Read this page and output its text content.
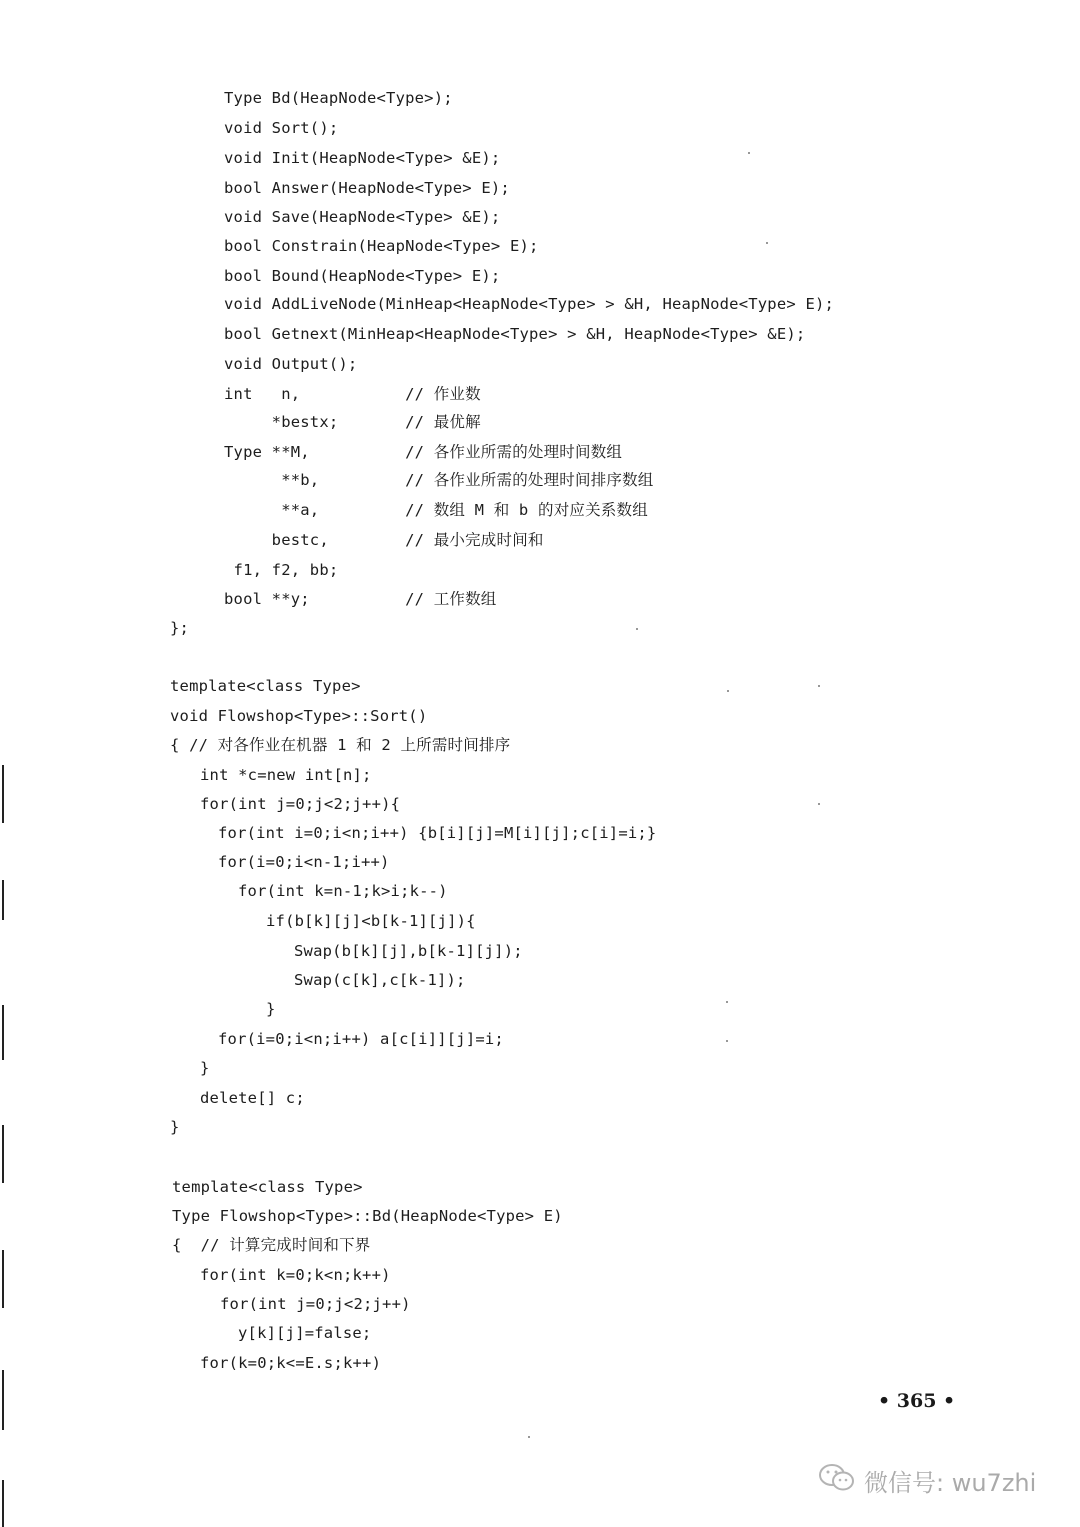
Type Bd(HeapNode<Type>);
void Sort();
void Init(HeapNode<Type> &E);
bool Answer(HeapNode<Type> E);
void Save(HeapNode<Type> &E);
bool Constrain(HeapNode<Type> E);
bool Bound(HeapNode<Type> E);
void AddLiveNode(MinHeap<HeapNode<Type> > &H, HeapNode<Type> E);
bool Getnext(MinHeap<HeapNode<Type> > &H, HeapNode<Type> &E);
void Output();
int   n,           // 作业数
*bestx;       // 最优解
Type **M,          // 各作业所需的处理时间数组
**b,         // 各作业所需的处理时间排序数组
**a,         // 数组 M 和 b 的对应关系数组
bestc,        // 最小完成时间和
f1, f2, bb;
bool **y;          // 工作数组
};
template<class Type>
void Flowshop<Type>::Sort()
{ // 对各作业在机器 1 和 2 上所需时间排序
int *c=new int[n];
for(int j=0;j<2;j++){
for(int i=0;i<n;i++) {b[i][j]=M[i][j];c[i]=i;}
for(i=0;i<n-1;i++)
for(int k=n-1;k>i;k--)
if(b[k][j]<b[k-1][j]){
Swap(b[k][j],b[k-1][j]);
Swap(c[k],c[k-1]);
}
for(i=0;i<n;i++) a[c[i]][j]=i;
}
delete[] c;
}
template<class Type>
Type Flowshop<Type>::Bd(HeapNode<Type> E)
{  // 计算完成时间和下界
for(int k=0;k<n;k++)
for(int j=0;j<2;j++)
y[k][j]=false;
for(k=0;k<=E.s;k++)
• 365 •
微信号: wu7zhi
